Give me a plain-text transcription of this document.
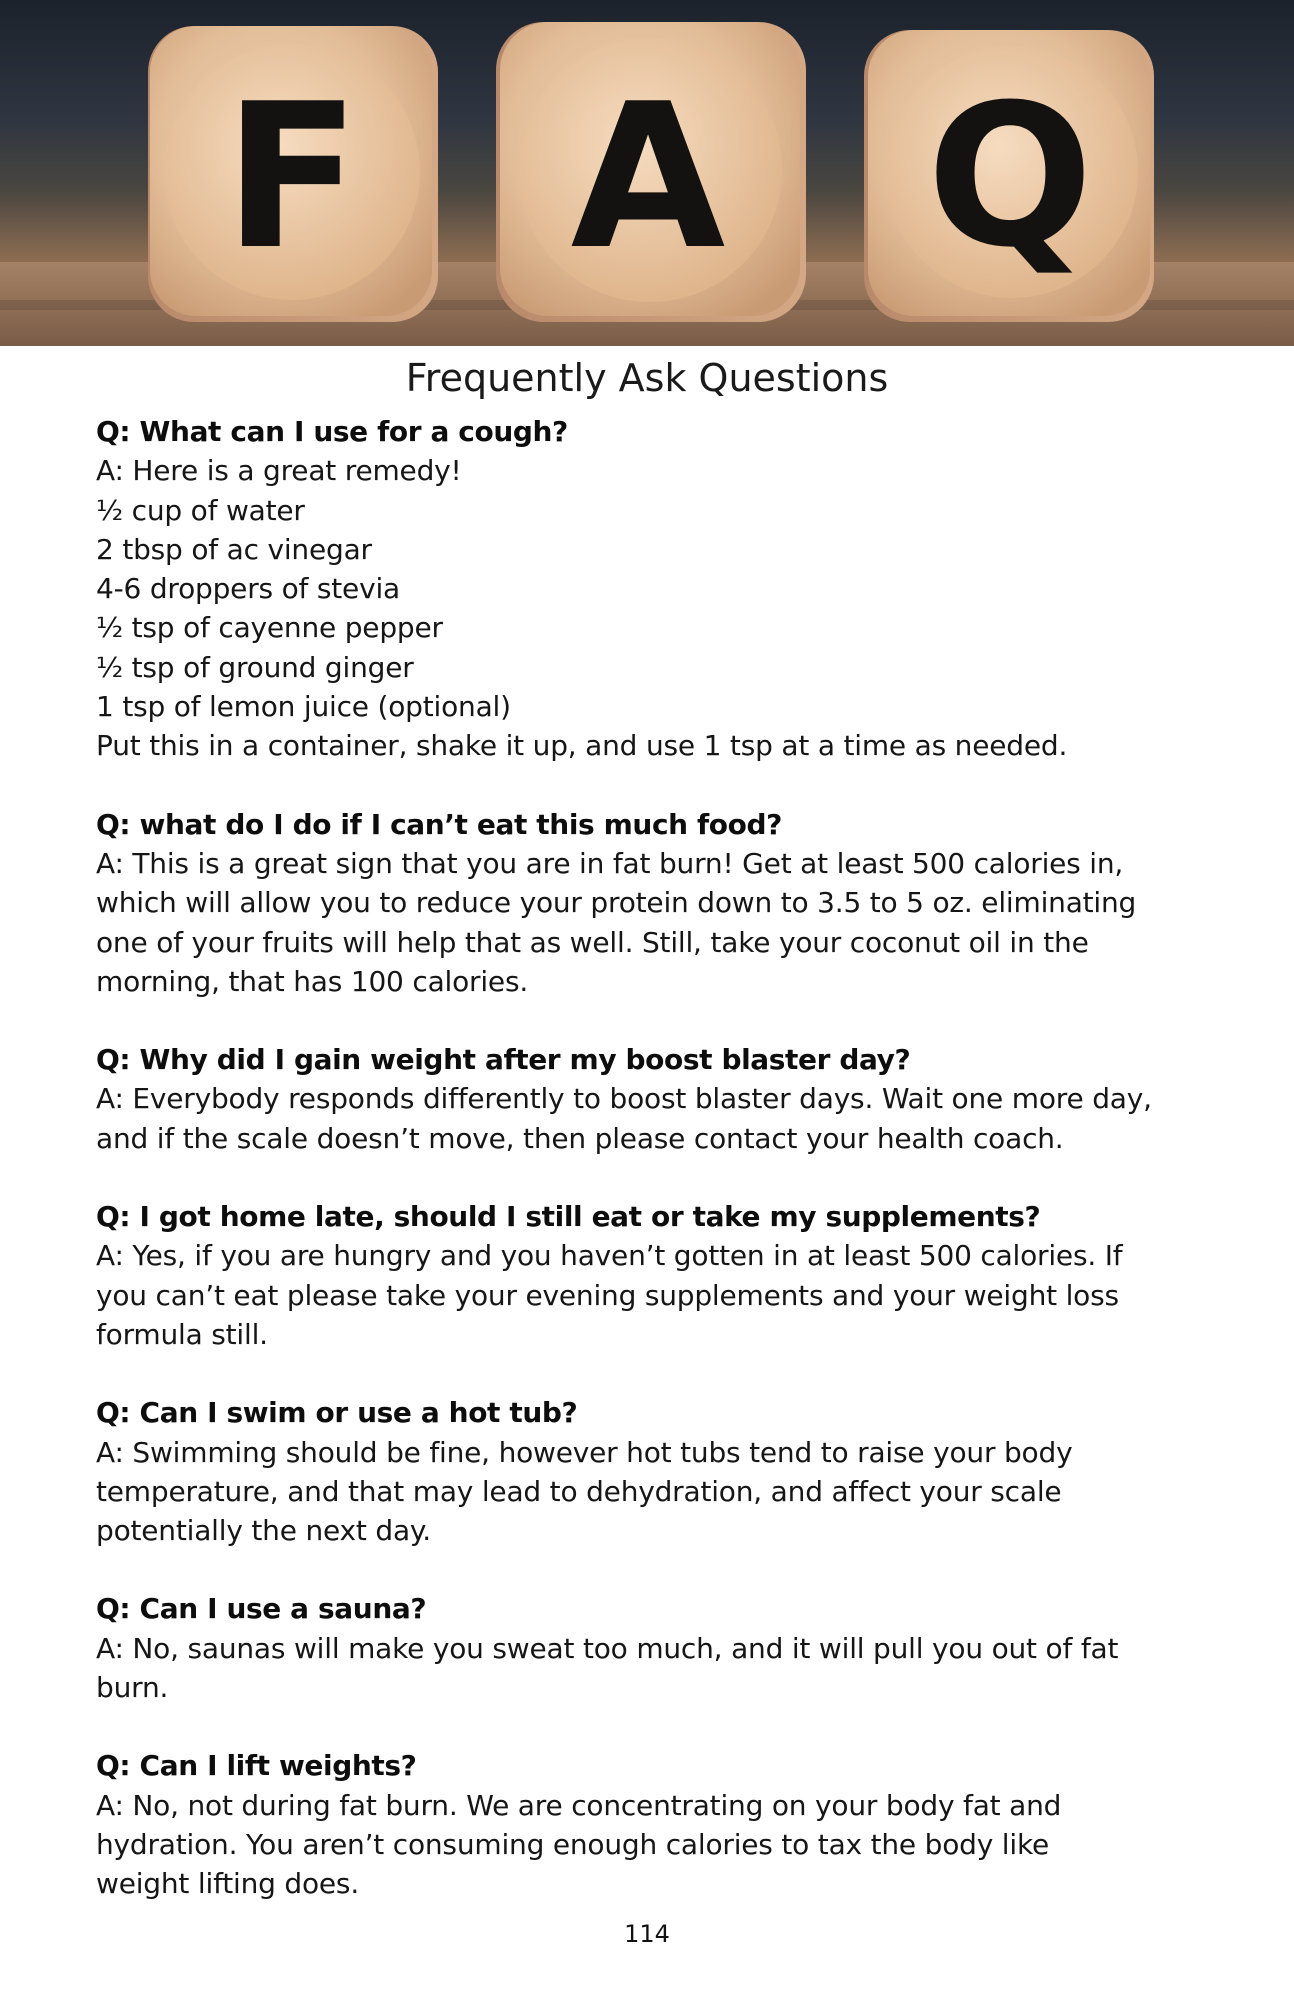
F A Q
Frequently Ask Questions

Q: What can I use for a cough?

A: Here is a great remedy!
½ cup of water
2 tbsp of ac vinegar
4-6 droppers of stevia
½ tsp of cayenne pepper
½ tsp of ground ginger
1 tsp of lemon juice (optional)
Put this in a container, shake it up, and use 1 tsp at a time as needed.

Q: what do I do if I can’t eat this much food?

A: This is a great sign that you are in fat burn! Get at least 500 calories in,
which will allow you to reduce your protein down to 3.5 to 5 oz. eliminating
one of your fruits will help that as well. Still, take your coconut oil in the
morning, that has 100 calories.

Q: Why did I gain weight after my boost blaster day?

A: Everybody responds differently to boost blaster days. Wait one more day,
and if the scale doesn’t move, then please contact your health coach.

Q: I got home late, should I still eat or take my supplements?

A: Yes, if you are hungry and you haven’t gotten in at least 500 calories. If
you can’t eat please take your evening supplements and your weight loss
formula still.

Q: Can I swim or use a hot tub?

A: Swimming should be fine, however hot tubs tend to raise your body
temperature, and that may lead to dehydration, and affect your scale
potentially the next day.

Q: Can I use a sauna?

A: No, saunas will make you sweat too much, and it will pull you out of fat
burn.

Q: Can I lift weights?

A: No, not during fat burn. We are concentrating on your body fat and
hydration. You aren’t consuming enough calories to tax the body like
weight lifting does.

114
